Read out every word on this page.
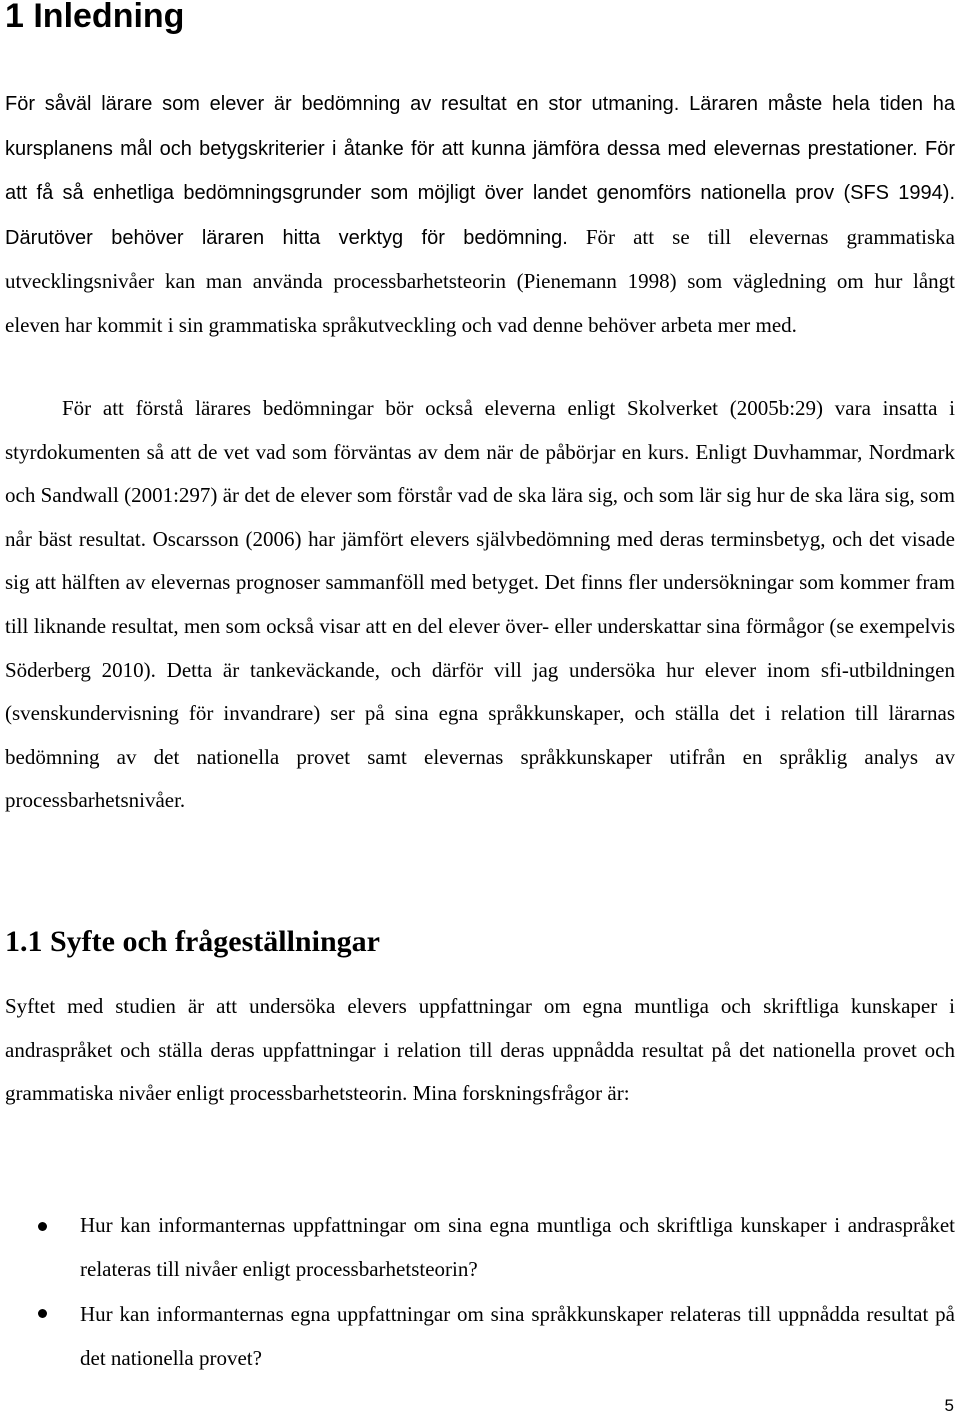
1 Inledning

För såväl lärare som elever är bedömning av resultat en stor utmaning. Läraren måste hela tiden ha kursplanens mål och betygskriterier i åtanke för att kunna jämföra dessa med elevernas prestationer. För att få så enhetliga bedömningsgrunder som möjligt över landet genomförs nationella prov (SFS 1994). Därutöver behöver läraren hitta verktyg för bedömning. För att se till elevernas grammatiska utvecklingsnivåer kan man använda processbarhetsteorin (Pienemann 1998) som vägledning om hur långt eleven har kommit i sin grammatiska språkutveckling och vad denne behöver arbeta mer med.

För att förstå lärares bedömningar bör också eleverna enligt Skolverket (2005b:29) vara insatta i styrdokumenten så att de vet vad som förväntas av dem när de påbörjar en kurs. Enligt Duvhammar, Nordmark och Sandwall (2001:297) är det de elever som förstår vad de ska lära sig, och som lär sig hur de ska lära sig, som når bäst resultat. Oscarsson (2006) har jämfört elevers självbedömning med deras terminsbetyg, och det visade sig att hälften av elevernas prognoser sammanföll med betyget. Det finns fler undersökningar som kommer fram till liknande resultat, men som också visar att en del elever över- eller underskattar sina förmågor (se exempelvis Söderberg 2010). Detta är tankeväckande, och därför vill jag undersöka hur elever inom sfi-utbildningen (svenskundervisning för invandrare) ser på sina egna språkkunskaper, och ställa det i relation till lärarnas bedömning av det nationella provet samt elevernas språkkunskaper utifrån en språklig analys av processbarhetsnivåer.

1.1 Syfte och frågeställningar

Syftet med studien är att undersöka elevers uppfattningar om egna muntliga och skriftliga kunskaper i andraspråket och ställa deras uppfattningar i relation till deras uppnådda resultat på det nationella provet och grammatiska nivåer enligt processbarhetsteorin. Mina forskningsfrågor är:

Hur kan informanternas uppfattningar om sina egna muntliga och skriftliga kunskaper i andraspråket relateras till nivåer enligt processbarhetsteorin?

Hur kan informanternas egna uppfattningar om sina språkkunskaper relateras till uppnådda resultat på det nationella provet?

5
